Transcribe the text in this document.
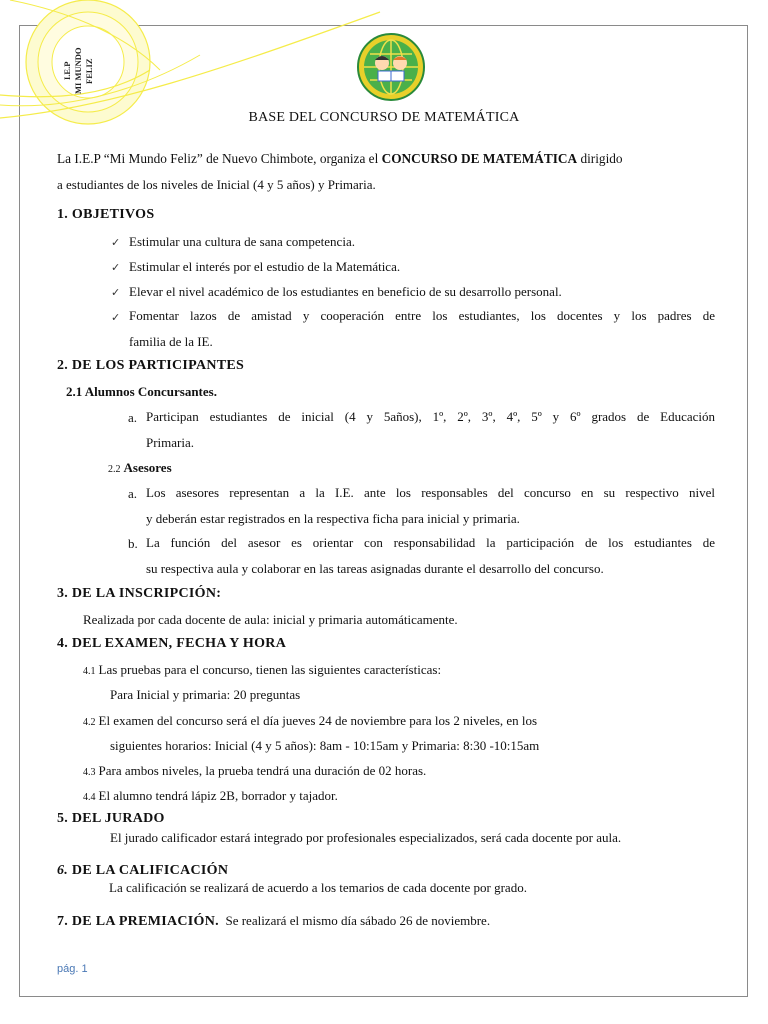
I.E.P MI MUNDO FELIZ
BASE DEL CONCURSO DE MATEMÁTICA
La I.E.P “Mi Mundo Feliz” de Nuevo Chimbote, organiza el CONCURSO DE MATEMÁTICA dirigido
a estudiantes de los niveles de Inicial (4 y 5 años) y Primaria.
1. OBJETIVOS
✓ Estimular una cultura de sana competencia.
✓ Estimular el interés por el estudio de la Matemática.
✓ Elevar el nivel académico de los estudiantes en beneficio de su desarrollo personal.
✓ Fomentar lazos de amistad y cooperación entre los estudiantes, los docentes y los padres de
familia de la IE.
2. DE LOS PARTICIPANTES
2.1 Alumnos Concursantes.
a. Participan estudiantes de inicial (4 y 5años), 1º, 2º, 3º, 4º, 5º y 6º grados de Educación
Primaria.
2.2 Asesores
a. Los asesores representan a la I.E. ante los responsables del concurso en su respectivo nivel
y deberán estar registrados en la respectiva ficha para inicial y primaria.
b. La función del asesor es orientar con responsabilidad la participación de los estudiantes de
su respectiva aula y colaborar en las tareas asignadas durante el desarrollo del concurso.
3. DE LA INSCRIPCIÓN:
Realizada por cada docente de aula: inicial y primaria automáticamente.
4. DEL EXAMEN, FECHA Y HORA
4.1 Las pruebas para el concurso, tienen las siguientes características:
Para Inicial y primaria: 20 preguntas
4.2 El examen del concurso será el día jueves 24 de noviembre para los 2 niveles, en los
siguientes horarios: Inicial (4 y 5 años): 8am - 10:15am y Primaria: 8:30 -10:15am
4.3 Para ambos niveles, la prueba tendrá una duración de 02 horas.
4.4 El alumno tendrá lápiz 2B, borrador y tajador.
5. DEL JURADO
El jurado calificador estará integrado por profesionales especializados, será cada docente por aula.
6. DE LA CALIFICACIÓN
La calificación se realizará de acuerdo a los temarios de cada docente por grado.
7. DE LA PREMIACIÓN. Se realizará el mismo día sábado 26 de noviembre.
pág. 1
